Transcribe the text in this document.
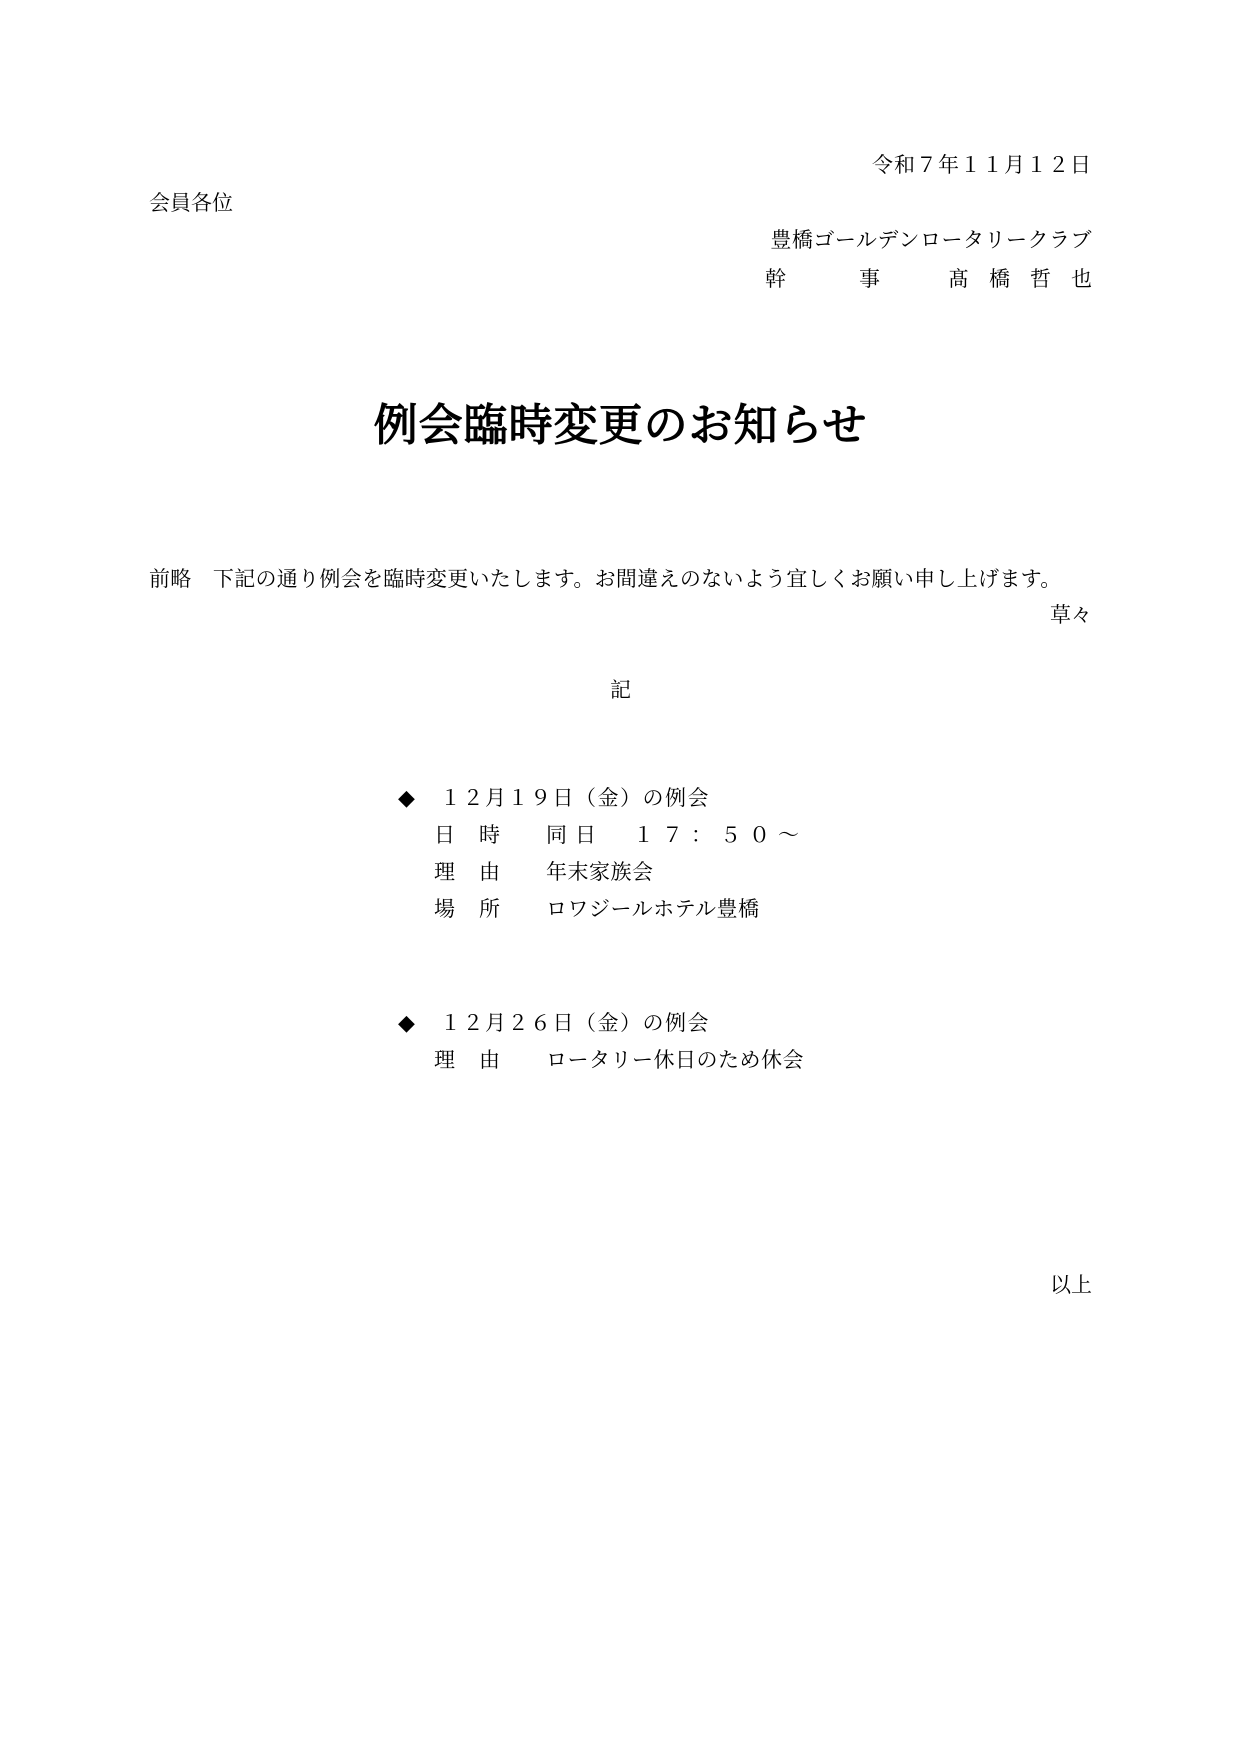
令和７年１１月１２日
会員各位
豊橋ゴールデンロータリークラブ
幹　事 髙橋哲也
例会臨時変更のお知らせ
前略　下記の通り例会を臨時変更いたします。お間違えのないよう宜しくお願い申し上げます。
草々
記
◆ １２月１９日（金）の例会
日時 同日　１７：５０～
理由 年末家族会
場所 ロワジールホテル豊橋
◆ １２月２６日（金）の例会
理由 ロータリー休日のため休会
以上
